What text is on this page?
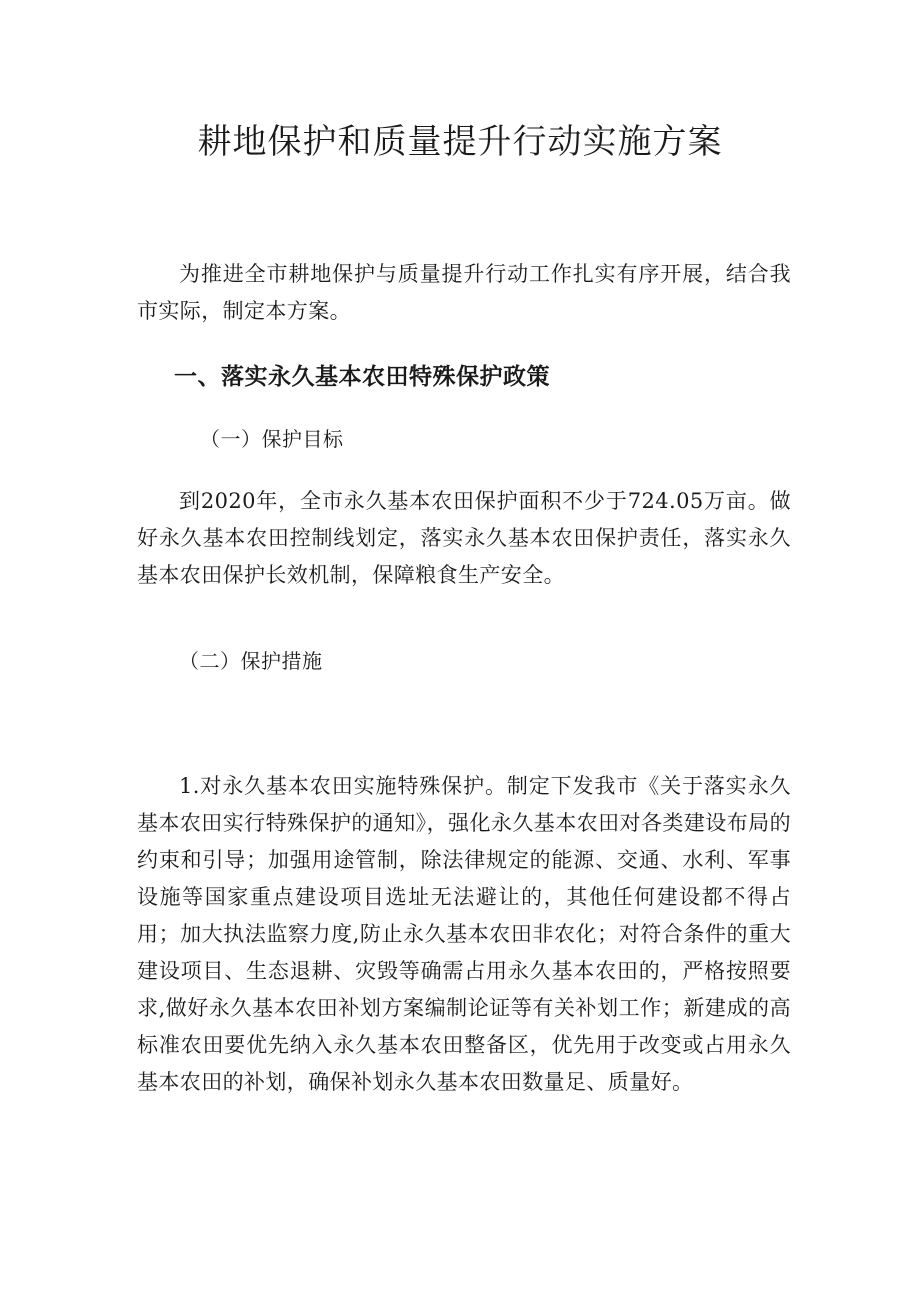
耕地保护和质量提升行动实施方案

为推进全市耕地保护与质量提升行动工作扎实有序开展，结合我市实际，制定本方案。

一、落实永久基本农田特殊保护政策
（一）保护目标

到2020年，全市永久基本农田保护面积不少于724.05万亩。做好永久基本农田控制线划定，落实永久基本农田保护责任，落实永久基本农田保护长效机制，保障粮食生产安全。

（二）保护措施

1.对永久基本农田实施特殊保护。制定下发我市《关于落实永久基本农田实行特殊保护的通知》，强化永久基本农田对各类建设布局的约束和引导；加强用途管制，除法律规定的能源、交通、水利、军事设施等国家重点建设项目选址无法避让的，其他任何建设都不得占用；加大执法监察力度,防止永久基本农田非农化；对符合条件的重大建设项目、生态退耕、灾毁等确需占用永久基本农田的，严格按照要求,做好永久基本农田补划方案编制论证等有关补划工作；新建成的高标准农田要优先纳入永久基本农田整备区，优先用于改变或占用永久基本农田的补划，确保补划永久基本农田数量足、质量好。
